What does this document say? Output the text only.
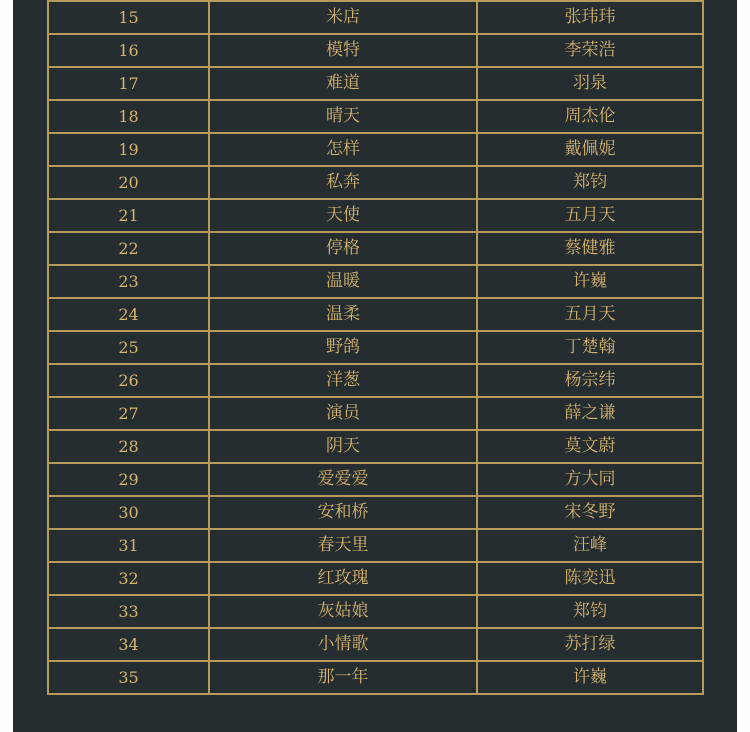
15	米店	张玮玮
16	模特	李荣浩
17	难道	羽泉
18	晴天	周杰伦
19	怎样	戴佩妮
20	私奔	郑钧
21	天使	五月天
22	停格	蔡健雅
23	温暖	许巍
24	温柔	五月天
25	野鸽	丁楚翰
26	洋葱	杨宗纬
27	演员	薛之谦
28	阴天	莫文蔚
29	爱爱爱	方大同
30	安和桥	宋冬野
31	春天里	汪峰
32	红玫瑰	陈奕迅
33	灰姑娘	郑钧
34	小情歌	苏打绿
35	那一年	许巍
